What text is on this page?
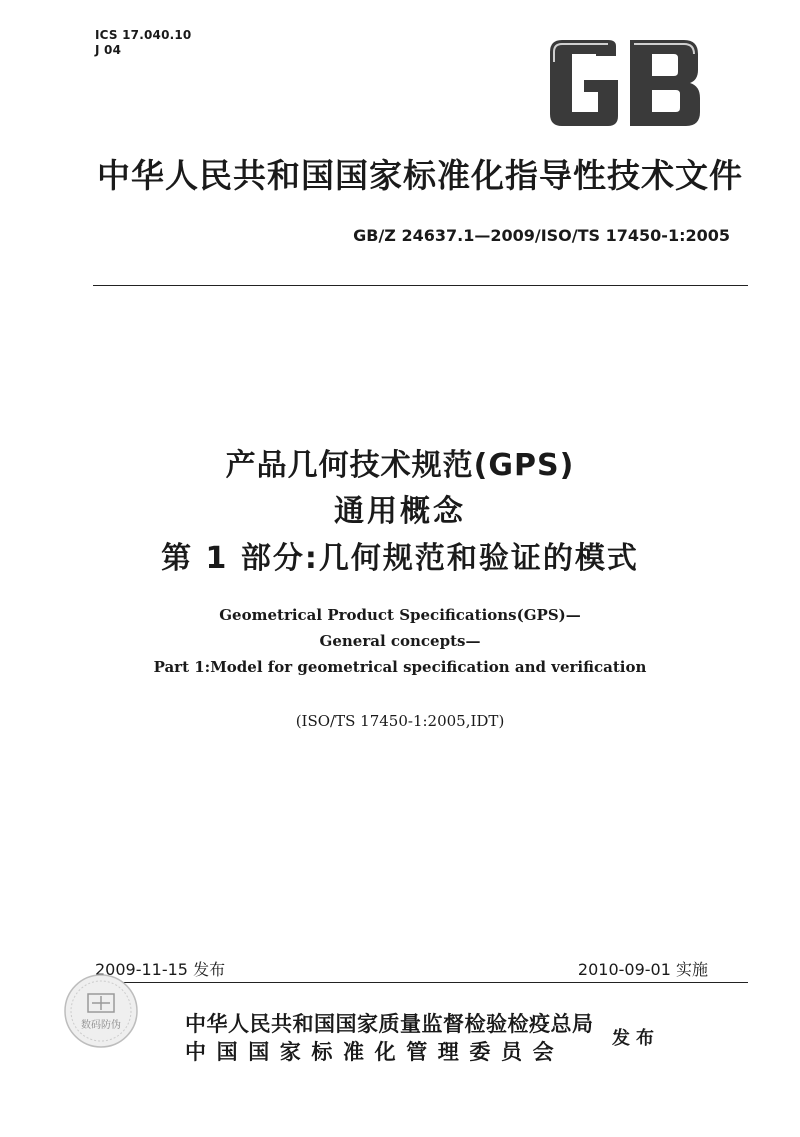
ICS 17.040.10
J 04
中华人民共和国国家标准化指导性技术文件
GB/Z 24637.1—2009/ISO/TS 17450-1:2005
产品几何技术规范(GPS)
通用概念
第 1 部分:几何规范和验证的模式
Geometrical Product Specifications(GPS)—
General concepts—
Part 1:Model for geometrical specification and verification
(ISO/TS 17450-1:2005,IDT)
2009-11-15 发布	2010-09-01 实施
数码防伪	中华人民共和国国家质量监督检验检疫总局
中国国家标准化管理委员会
发布
